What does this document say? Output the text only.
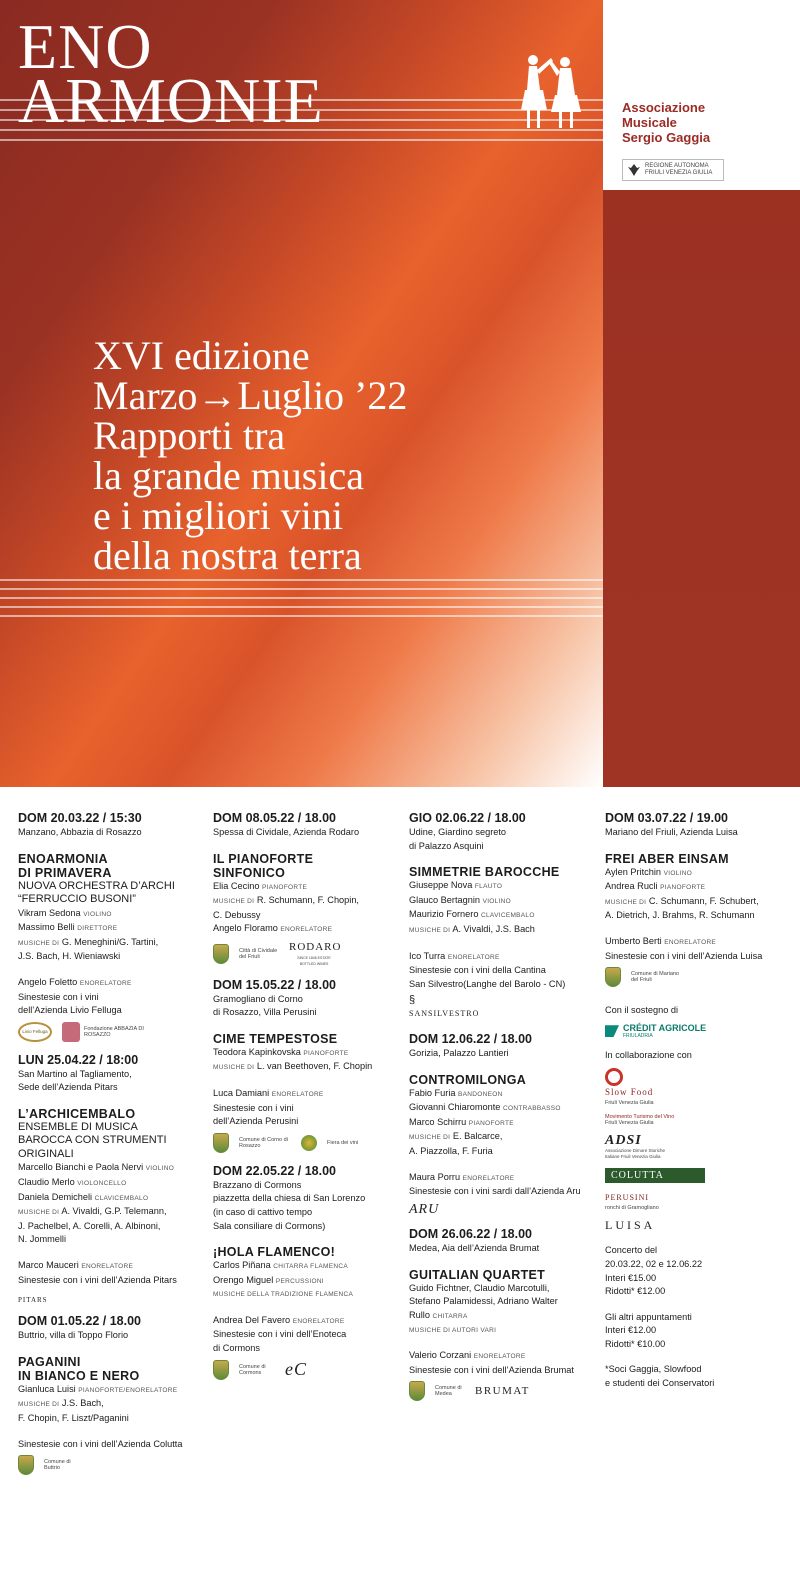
ENO
ARMONIE
XVI edizione
Marzo→Luglio ’22
Rapporti tra
la grande musica
e i migliori vini
della nostra terra
Associazione
Musicale
Sergio Gaggia
REGIONE AUTONOMA
FRIULI VENEZIA GIULIA
DOM 20.03.22 / 15:30
Manzano, Abbazia di Rosazzo
ENOARMONIA
DI PRIMAVERA
NUOVA ORCHESTRA D’ARCHI
“FERRUCCIO BUSONI”
Vikram Sedona VIOLINO
Massimo Belli DIRETTORE
MUSICHE DI G. Meneghini/G. Tartini,
J.S. Bach, H. Wieniawski
Angelo Foletto ENORELATORE
Sinestesie con i vini
dell’Azienda Livio Felluga
Livio Felluga	Fondazione ABBAZIA DI ROSAZZO
LUN 25.04.22 / 18:00
San Martino al Tagliamento,
Sede dell’Azienda Pitars
L’ARCHICEMBALO
ENSEMBLE DI MUSICA
BAROCCA CON STRUMENTI
ORIGINALI
Marcello Bianchi e Paola Nervi VIOLINO
Claudio Merlo VIOLONCELLO
Daniela Demicheli CLAVICEMBALO
MUSICHE DI A. Vivaldi, G.P. Telemann,
J. Pachelbel, A. Corelli, A. Albinoni,
N. Jommelli
Marco Mauceri ENORELATORE
Sinestesie con i vini dell’Azienda Pitars
PITARS
DOM 01.05.22 / 18.00
Buttrio, villa di Toppo Florio
PAGANINI
IN BIANCO E NERO
Gianluca Luisi PIANOFORTE/ENORELATORE
MUSICHE DI J.S. Bach,
F. Chopin, F. Liszt/Paganini
Sinestesie con i vini dell’Azienda Colutta
Comune di Buttrio
DOM 08.05.22 / 18.00
Spessa di Cividale, Azienda Rodaro
IL PIANOFORTE
SINFONICO
Elia Cecino PIANOFORTE
MUSICHE DI R. Schumann, F. Chopin,
C. Debussy
Angelo Floramo ENORELATORE
Città di Cividale del Friuli
RODARO
SINCE 1846 ESTATE BOTTLED WINES
DOM 15.05.22 / 18.00
Gramogliano di Corno
di Rosazzo, Villa Perusini
CIME TEMPESTOSE
Teodora Kapinkovska PIANOFORTE
MUSICHE DI L. van Beethoven, F. Chopin
Luca Damiani ENORELATORE
Sinestesie con i vini
dell’Azienda Perusini
Comune di Corno di Rosazzo	Fiera dei vini
DOM 22.05.22 / 18.00
Brazzano di Cormons
piazzetta della chiesa di San Lorenzo
(in caso di cattivo tempo
Sala consiliare di Cormons)
¡HOLA FLAMENCO!
Carlos Piñana CHITARRA FLAMENCA
Orengo Miguel PERCUSSIONI
MUSICHE DELLA TRADIZIONE FLAMENCA
Andrea Del Favero ENORELATORE
Sinestesie con i vini dell’Enoteca
di Cormons
Comune di Cormons	eC
GIO 02.06.22 / 18.00
Udine, Giardino segreto
di Palazzo Asquini
SIMMETRIE BAROCCHE
Giuseppe Nova FLAUTO
Glauco Bertagnin VIOLINO
Maurizio Fornero CLAVICEMBALO
MUSICHE DI A. Vivaldi, J.S. Bach
Ico Turra ENORELATORE
Sinestesie con i vini della Cantina
San Silvestro(Langhe del Barolo - CN)
§
SANSILVESTRO
DOM 12.06.22 / 18.00
Gorizia, Palazzo Lantieri
CONTROMILONGA
Fabio Furia BANDONEON
Giovanni Chiaromonte CONTRABBASSO
Marco Schirru PIANOFORTE
MUSICHE DI E. Balcarce,
A. Piazzolla, F. Furia
Maura Porru ENORELATORE
Sinestesie con i vini sardi dall’Azienda Aru
ARU
DOM 26.06.22 / 18.00
Medea, Aia dell’Azienda Brumat
GUITALIAN QUARTET
Guido Fichtner, Claudio Marcotulli,
Stefano Palamidessi, Adriano Walter
Rullo CHITARRA
MUSICHE DI AUTORI VARI
Valerio Corzani ENORELATORE
Sinestesie con i vini dell’Azienda Brumat
Comune di Medea	BRUMAT
DOM 03.07.22 / 19.00
Mariano del Friuli, Azienda Luisa
FREI ABER EINSAM
Aylen Pritchin VIOLINO
Andrea Rucli PIANOFORTE
MUSICHE DI C. Schumann, F. Schubert,
A. Dietrich, J. Brahms, R. Schumann
Umberto Berti ENORELATORE
Sinestesie con i vini dell’Azienda Luisa
Comune di Mariano del Friuli
Con il sostegno di
CRÉDIT AGRICOLE
FRIULADRIA
In collaborazione con
Slow Food
Friuli Venezia Giulia
Movimento Turismo del Vino
Friuli Venezia Giulia
ADSI
Associazione Dimore Storiche Italiane Friuli Venezia Giulia
COLUTTA
PERUSINI
ronchi di Gramogliano
LUISA
Concerto del
20.03.22, 02 e 12.06.22
Interi €15.00
Ridotti* €12.00
Gli altri appuntamenti
Interi €12.00
Ridotti* €10.00
*Soci Gaggia, Slowfood
e studenti dei Conservatori
